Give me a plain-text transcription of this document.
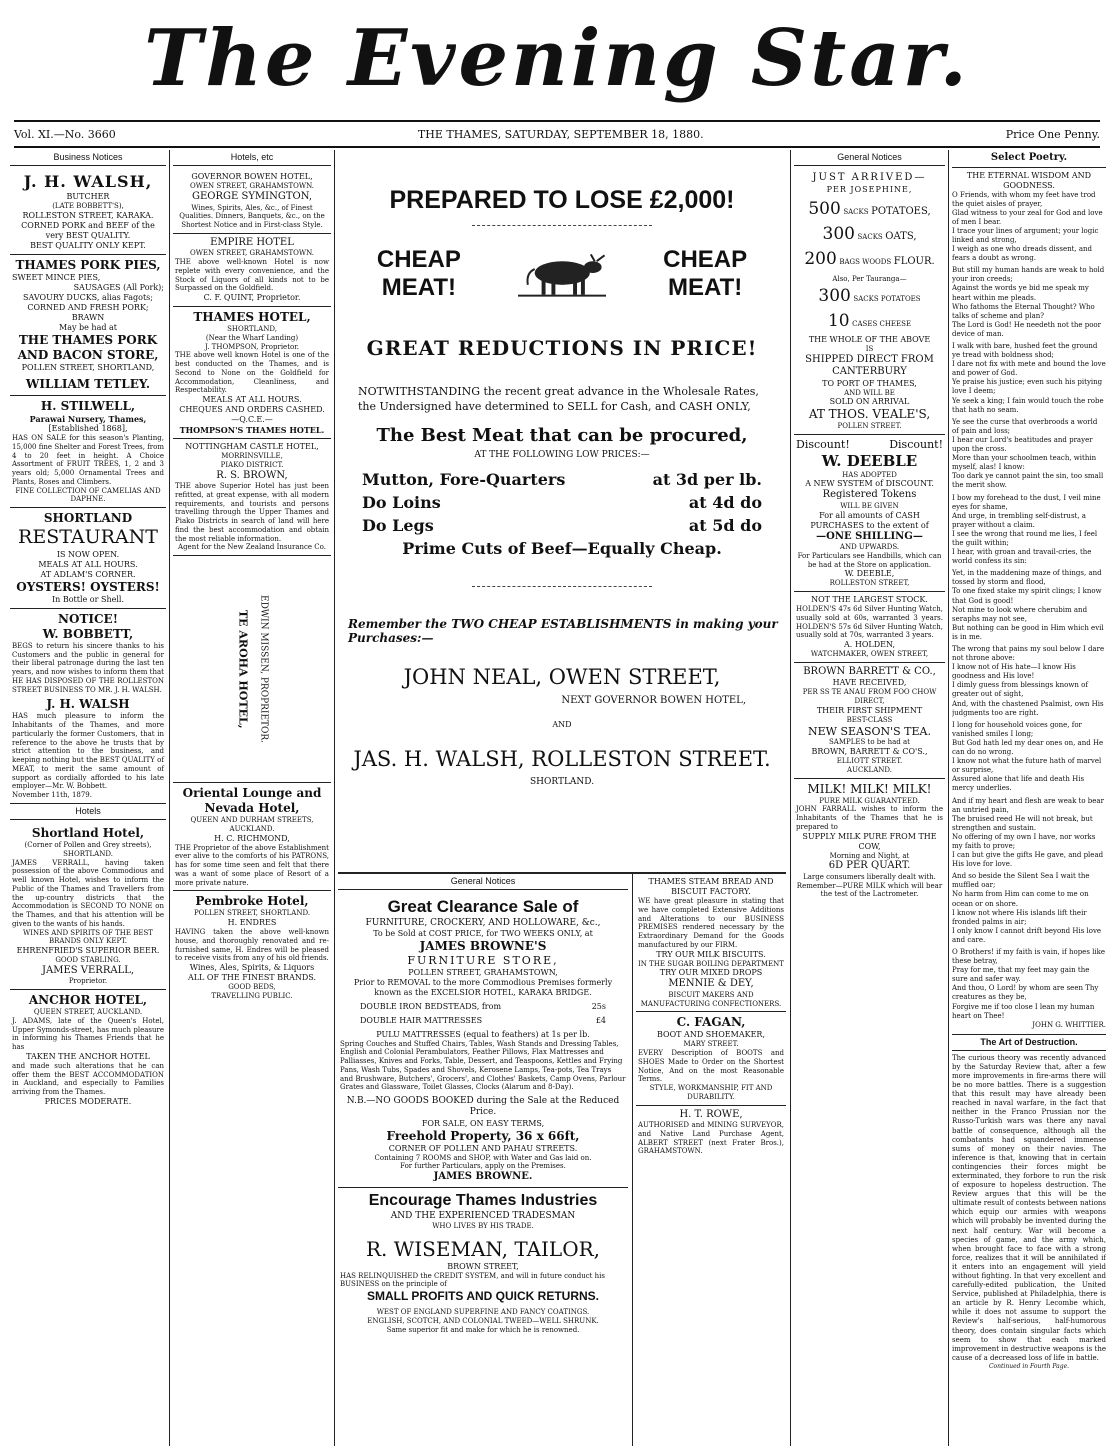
The Evening Star.
Vol. XI.—No. 3660	THE THAMES, SATURDAY, SEPTEMBER 18, 1880.	Price One Penny.
Business Notices
J. H. WALSH,
BUTCHER
(LATE BOBBETT'S),
ROLLESTON STREET, KARAKA.
CORNED PORK and BEEF of the very BEST QUALITY.
BEST QUALITY ONLY KEPT.
THAMES PORK PIES,
SWEET MINCE PIES,
SAUSAGES (All Pork);
SAVOURY DUCKS, alias Fagots;
CORNED AND FRESH PORK; BRAWN
May be had at
THE THAMES PORK AND BACON STORE,
POLLEN STREET, SHORTLAND,
WILLIAM TETLEY.
H. STILWELL,
Parawai Nursery, Thames,
[Established 1868],
HAS ON SALE for this season's Planting, 15,000 fine Shelter and Forest Trees, from 4 to 20 feet in height. A Choice Assortment of FRUIT TREES, 1, 2 and 3 years old; 5,000 Ornamental Trees and Plants, Roses and Climbers.
FINE COLLECTION OF CAMELIAS AND DAPHNE.
SHORTLAND
RESTAURANT
IS NOW OPEN.
MEALS AT ALL HOURS.
AT ADLAM'S CORNER.
OYSTERS! OYSTERS!
In Bottle or Shell.
NOTICE!
W. BOBBETT,
BEGS to return his sincere thanks to his Customers and the public in general for their liberal patronage during the last ten years, and now wishes to inform them that HE HAS DISPOSED OF THE ROLLESTON STREET BUSINESS TO MR. J. H. WALSH.
J. H. WALSH
HAS much pleasure to inform the Inhabitants of the Thames, and more particularly the former Customers, that in reference to the above he trusts that by strict attention to the business, and keeping nothing but the BEST QUALITY of MEAT, to merit the same amount of support as cordially afforded to his late employer—Mr. W. Bobbett.
November 11th, 1879.
Hotels
Shortland Hotel,
(Corner of Pollen and Grey streets),
SHORTLAND.
JAMES VERRALL, having taken possession of the above Commodious and well known Hotel, wishes to inform the Public of the Thames and Travellers from the up-country districts that the Accommodation is SECOND TO NONE on the Thames, and that his attention will be given to the wants of his hands.
WINES AND SPIRITS OF THE BEST BRANDS ONLY KEPT.
EHRENFRIED'S SUPERIOR BEER.
GOOD STABLING.
JAMES VERRALL,
Proprietor.
ANCHOR HOTEL,
QUEEN STREET, AUCKLAND.
J. ADAMS, late of the Queen's Hotel, Upper Symonds-street, has much pleasure in informing his Thames Friends that he has
TAKEN THE ANCHOR HOTEL
and made such alterations that he can offer them the BEST ACCOMMODATION in Auckland, and especially to Families arriving from the Thames.
PRICES MODERATE.
Hotels, etc
GOVERNOR BOWEN HOTEL,
OWEN STREET, GRAHAMSTOWN.
GEORGE SYMINGTON,
Wines, Spirits, Ales, &c., of Finest Qualities. Dinners, Banquets, &c., on the Shortest Notice and in First-class Style.
EMPIRE HOTEL
OWEN STREET, GRAHAMSTOWN.
THE above well-known Hotel is now replete with every convenience, and the Stock of Liquors of all kinds not to be Surpassed on the Goldfield.
C. F. QUINT, Proprietor.
THAMES HOTEL,
SHORTLAND,
(Near the Wharf Landing)
J. THOMPSON, Proprietor.
THE above well known Hotel is one of the best conducted on the Thames, and is Second to None on the Goldfield for Accommodation, Cleanliness, and Respectability.
MEALS AT ALL HOURS.
CHEQUES AND ORDERS CASHED.
—Q.C.E.—
THOMPSON'S THAMES HOTEL.
NOTTINGHAM CASTLE HOTEL,
MORRINSVILLE,
PIAKO DISTRICT.
R. S. BROWN,
THE above Superior Hotel has just been refitted, at great expense, with all modern requirements, and tourists and persons travelling through the Upper Thames and Piako Districts in search of land will here find the best accommodation and obtain the most reliable information.
Agent for the New Zealand Insurance Co.
TE AROHA HOTEL, EDWIN MISSEN, PROPRIETOR.
Oriental Lounge and Nevada Hotel,
QUEEN AND DURHAM STREETS, AUCKLAND.
H. C. RICHMOND,
THE Proprietor of the above Establishment ever alive to the comforts of his PATRONS, has for some time seen and felt that there was a want of some place of Resort of a more private nature.
Pembroke Hotel,
POLLEN STREET, SHORTLAND.
H. ENDRES
HAVING taken the above well-known house, and thoroughly renovated and re-furnished same, H. Endres will be pleased to receive visits from any of his old friends.
Wines, Ales, Spirits, & Liquors
ALL OF THE FINEST BRANDS.
GOOD BEDS,
TRAVELLING PUBLIC.
PREPARED TO LOSE £2,000!
CHEAP MEAT!
CHEAP MEAT!
GREAT REDUCTIONS IN PRICE!
NOTWITHSTANDING the recent great advance in the Wholesale Rates, the Undersigned have determined to SELL for Cash, and CASH ONLY,
The Best Meat that can be procured,
AT THE FOLLOWING LOW PRICES:—
Mutton, Fore-Quarters	at 3d per lb.
Do Loins	at 4d do
Do Legs	at 5d do
Prime Cuts of Beef—Equally Cheap.
Remember the TWO CHEAP ESTABLISHMENTS in making your Purchases:—
JOHN NEAL, OWEN STREET,
NEXT GOVERNOR BOWEN HOTEL,
AND
JAS. H. WALSH, ROLLESTON STREET.
SHORTLAND.
General Notices
Great Clearance Sale of
FURNITURE, CROCKERY, AND HOLLOWARE, &c.,
To be Sold at COST PRICE, for TWO WEEKS ONLY, at
JAMES BROWNE'S
FURNITURE STORE,
POLLEN STREET, GRAHAMSTOWN,
Prior to REMOVAL to the more Commodious Premises formerly known as the EXCELSIOR HOTEL, KARAKA BRIDGE.
DOUBLE IRON BEDSTEADS, from	25s
DOUBLE HAIR MATTRESSES	£4
PULU MATTRESSES (equal to feathers) at 1s per lb.
Spring Couches and Stuffed Chairs, Tables, Wash Stands and Dressing Tables, English and Colonial Perambulators, Feather Pillows, Flax Mattresses and Palliasses, Knives and Forks, Table, Dessert, and Teaspoons, Kettles and Frying Pans, Wash Tubs, Spades and Shovels, Kerosene Lamps, Tea-pots, Tea Trays and Brushware, Butchers', Grocers', and Clothes' Baskets, Camp Ovens, Parlour Grates and Glassware, Toilet Glasses, Clocks (Alarum and 8-Day).
N.B.—NO GOODS BOOKED during the Sale at the Reduced Price.
FOR SALE, ON EASY TERMS,
Freehold Property, 36 x 66ft,
CORNER OF POLLEN AND PAHAU STREETS.
Containing 7 ROOMS and SHOP, with Water and Gas laid on.
For further Particulars, apply on the Premises.
JAMES BROWNE.
Encourage Thames Industries
AND THE EXPERIENCED TRADESMAN
WHO LIVES BY HIS TRADE.
R. WISEMAN, TAILOR,
BROWN STREET,
HAS RELINQUISHED the CREDIT SYSTEM, and will in future conduct his BUSINESS on the principle of
SMALL PROFITS AND QUICK RETURNS.
WEST OF ENGLAND SUPERFINE AND FANCY COATINGS.
ENGLISH, SCOTCH, AND COLONIAL TWEED—WELL SHRUNK.
Same superior fit and make for which he is renowned.
THAMES STEAM BREAD AND BISCUIT FACTORY.
WE have great pleasure in stating that we have completed Extensive Additions and Alterations to our BUSINESS PREMISES rendered necessary by the Extraordinary Demand for the Goods manufactured by our FIRM.
TRY OUR MILK BISCUITS.
IN THE SUGAR BOILING DEPARTMENT
TRY OUR MIXED DROPS
MENNIE & DEY,
BISCUIT MAKERS AND MANUFACTURING CONFECTIONERS.
C. FAGAN,
BOOT AND SHOEMAKER,
MARY STREET.
EVERY Description of BOOTS and SHOES Made to Order on the Shortest Notice, And on the most Reasonable Terms.
STYLE, WORKMANSHIP, FIT AND DURABILITY.
H. T. ROWE,
AUTHORISED and MINING SURVEYOR, and Native Land Purchase Agent, ALBERT STREET (next Frater Bros.), GRAHAMSTOWN.
General Notices
JUST ARRIVED—
PER JOSEPHINE,
500 SACKS POTATOES,
300 SACKS OATS,
200 BAGS WOODS FLOUR.
Also, Per Tauranga—
300 SACKS POTATOES
10 CASES CHEESE
THE WHOLE OF THE ABOVE
IS
SHIPPED DIRECT FROM
CANTERBURY
TO PORT OF THAMES,
AND WILL BE
SOLD ON ARRIVAL
AT THOS. VEALE'S,
POLLEN STREET.
Discount!	Discount!
W. DEEBLE
HAS ADOPTED
A NEW SYSTEM of DISCOUNT.
Registered Tokens
WILL BE GIVEN
For all amounts of CASH PURCHASES to the extent of
—ONE SHILLING—
AND UPWARDS.
For Particulars see Handbills, which can be had at the Store on application.
W. DEEBLE,
ROLLESTON STREET,
NOT THE LARGEST STOCK.
HOLDEN'S 47s 6d Silver Hunting Watch, usually sold at 60s, warranted 3 years. HOLDEN'S 57s 6d Silver Hunting Watch, usually sold at 70s, warranted 3 years.
A. HOLDEN,
WATCHMAKER, OWEN STREET,
BROWN BARRETT & CO.,
HAVE RECEIVED,
PER SS TE ANAU FROM FOO CHOW DIRECT,
THEIR FIRST SHIPMENT
BEST-CLASS
NEW SEASON'S TEA.
SAMPLES to be had at
BROWN, BARRETT & CO'S.,
ELLIOTT STREET.
AUCKLAND.
MILK! MILK! MILK!
PURE MILK GUARANTEED.
JOHN FARRALL wishes to inform the Inhabitants of the Thames that he is prepared to
SUPPLY MILK PURE FROM THE COW,
Morning and Night, at
6D PER QUART.
Large consumers liberally dealt with.
Remember—PURE MILK which will bear the test of the Lactrometer.
Select Poetry.
THE ETERNAL WISDOM AND GOODNESS.
O Friends, with whom my feet have trod the quiet aisles of prayer,
Glad witness to your zeal for God and love of men I bear.
I trace your lines of argument; your logic linked and strong,
I weigh as one who dreads dissent, and fears a doubt as wrong.
But still my human hands are weak to hold your iron creeds;
Against the words ye bid me speak my heart within me pleads.
Who fathoms the Eternal Thought? Who talks of scheme and plan?
The Lord is God! He needeth not the poor device of man.
I walk with bare, hushed feet the ground ye tread with boldness shod;
I dare not fix with mete and bound the love and power of God.
Ye praise his justice; even such his pitying love I deem;
Ye seek a king; I fain would touch the robe that hath no seam.
Ye see the curse that overbroods a world of pain and loss;
I hear our Lord's beatitudes and prayer upon the cross.
More than your schoolmen teach, within myself, alas! I know:
Too dark ye cannot paint the sin, too small the merit show.
I bow my forehead to the dust, I veil mine eyes for shame,
And urge, in trembling self-distrust, a prayer without a claim.
I see the wrong that round me lies, I feel the guilt within;
I hear, with groan and travail-cries, the world confess its sin:
Yet, in the maddening maze of things, and tossed by storm and flood,
To one fixed stake my spirit clings; I know that God is good!
Not mine to look where cherubim and seraphs may not see,
But nothing can be good in Him which evil is in me.
The wrong that pains my soul below I dare not throne above:
I know not of His hate—I know His goodness and His love!
I dimly guess from blessings known of greater out of sight,
And, with the chastened Psalmist, own His judgments too are right.
I long for household voices gone, for vanished smiles I long;
But God hath led my dear ones on, and He can do no wrong.
I know not what the future hath of marvel or surprise,
Assured alone that life and death His mercy underlies.
And if my heart and flesh are weak to bear an untried pain,
The bruised reed He will not break, but strengthen and sustain.
No offering of my own I have, nor works my faith to prove;
I can but give the gifts He gave, and plead His love for love.
And so beside the Silent Sea I wait the muffled oar;
No harm from Him can come to me on ocean or on shore.
I know not where His islands lift their fronded palms in air;
I only know I cannot drift beyond His love and care.
O Brothers! if my faith is vain, if hopes like these betray,
Pray for me, that my feet may gain the sure and safer way.
And thou, O Lord! by whom are seen Thy creatures as they be,
Forgive me if too close I lean my human heart on Thee!
JOHN G. WHITTIER.
The Art of Destruction.
The curious theory was recently advanced by the Saturday Review that, after a few more improvements in fire-arms there will be no more battles. There is a suggestion that this result may have already been reached in naval warfare, in the fact that neither in the Franco Prussian nor the Russo-Turkish wars was there any naval battle of consequence, although all the combatants had squandered immense sums of money on their navies. The inference is that, knowing that in certain contingencies their forces might be exterminated, they forbore to run the risk of exposure to hopeless destruction. The Review argues that this will be the ultimate result of contests between nations which equip our armies with weapons which will probably be invented during the next half century. War will become a species of game, and the army which, when brought face to face with a strong force, realizes that it will be annihilated if it enters into an engagement will yield without fighting. In that very excellent and carefully-edited publication, the United Service, published at Philadelphia, there is an article by R. Henry Lecombe which, while it does not assume to support the Review's half-serious, half-humorous theory, does contain singular facts which seem to show that each marked improvement in destructive weapons is the cause of a decreased loss of life in battle.
Continued in Fourth Page.
